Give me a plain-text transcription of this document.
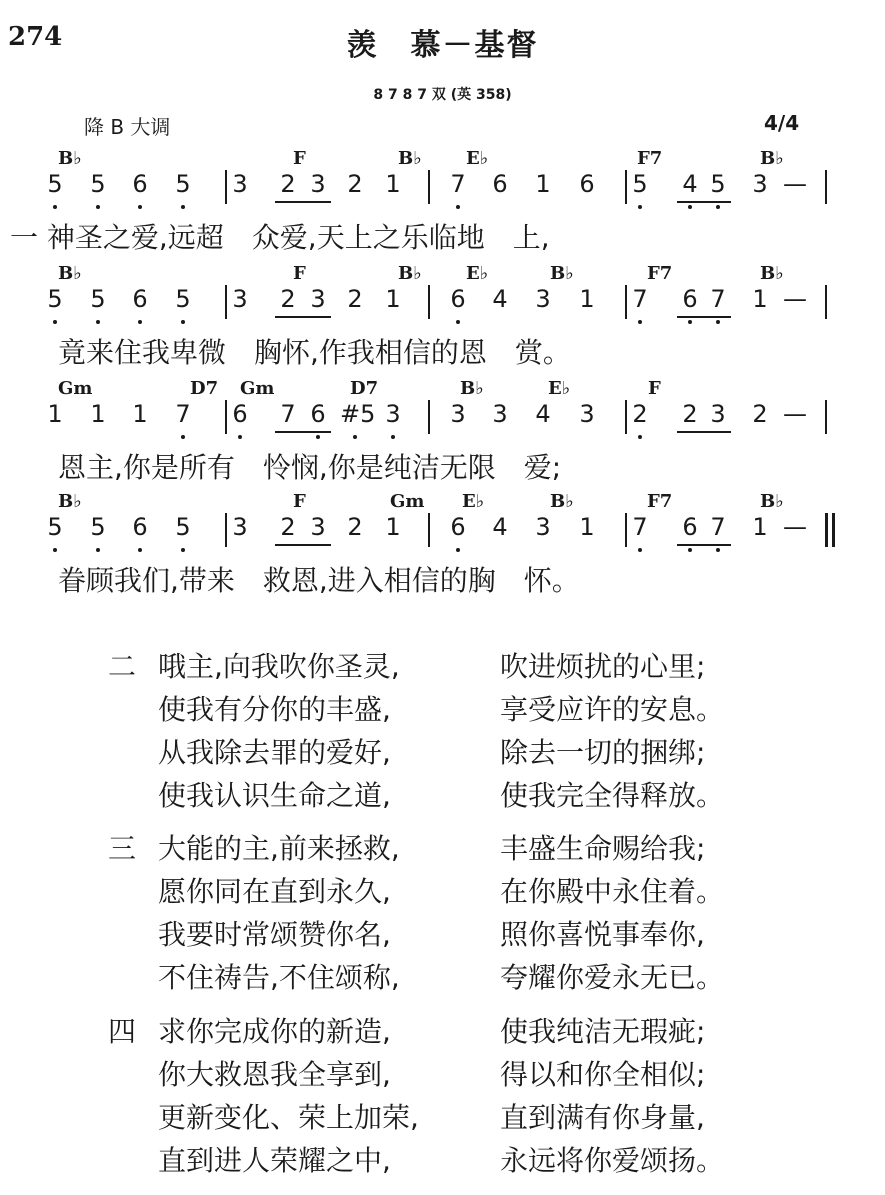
274	羡　慕－基督
8 7 8 7 双 (英 358)
降 B 大调	4/4
B♭	F	B♭ E♭	F7	B♭
5	5	6	5	3	2 3 2 1	7	6	1	6	5	4 5	3 —
一 神圣之爱,远超　众爱,天上之乐临地　上,
B♭	F	B♭ E♭	B♭	F7	B♭
5	5	6	5	3	2 3 2 1	6	4	3	1	7	6 7	1 —
竟来住我卑微　胸怀,作我相信的恩　赏。
Gm	D7 Gm	D7	B♭	E♭	F
1	1	1	7	6	7 6 #5 3	3	3	4	3	2	2 3	2 —
恩主,你是所有　怜悯,你是纯洁无限　爱;
B♭	F	Gm E♭	B♭	F7	B♭
5	5	6	5	3	2 3 2 1	6	4	3	1	7	6 7	1 —
眷顾我们,带来　救恩,进入相信的胸　怀。
二 哦主,向我吹你圣灵,	吹进烦扰的心里;
使我有分你的丰盛,	享受应许的安息。
从我除去罪的爱好,	除去一切的捆绑;
使我认识生命之道,	使我完全得释放。
三 大能的主,前来拯救,	丰盛生命赐给我;
愿你同在直到永久,	在你殿中永住着。
我要时常颂赞你名,	照你喜悦事奉你,
不住祷告,不住颂称,	夸耀你爱永无已。
四 求你完成你的新造,	使我纯洁无瑕疵;
你大救恩我全享到,	得以和你全相似;
更新变化、荣上加荣,	直到满有你身量,
直到进人荣耀之中,	永远将你爱颂扬。
